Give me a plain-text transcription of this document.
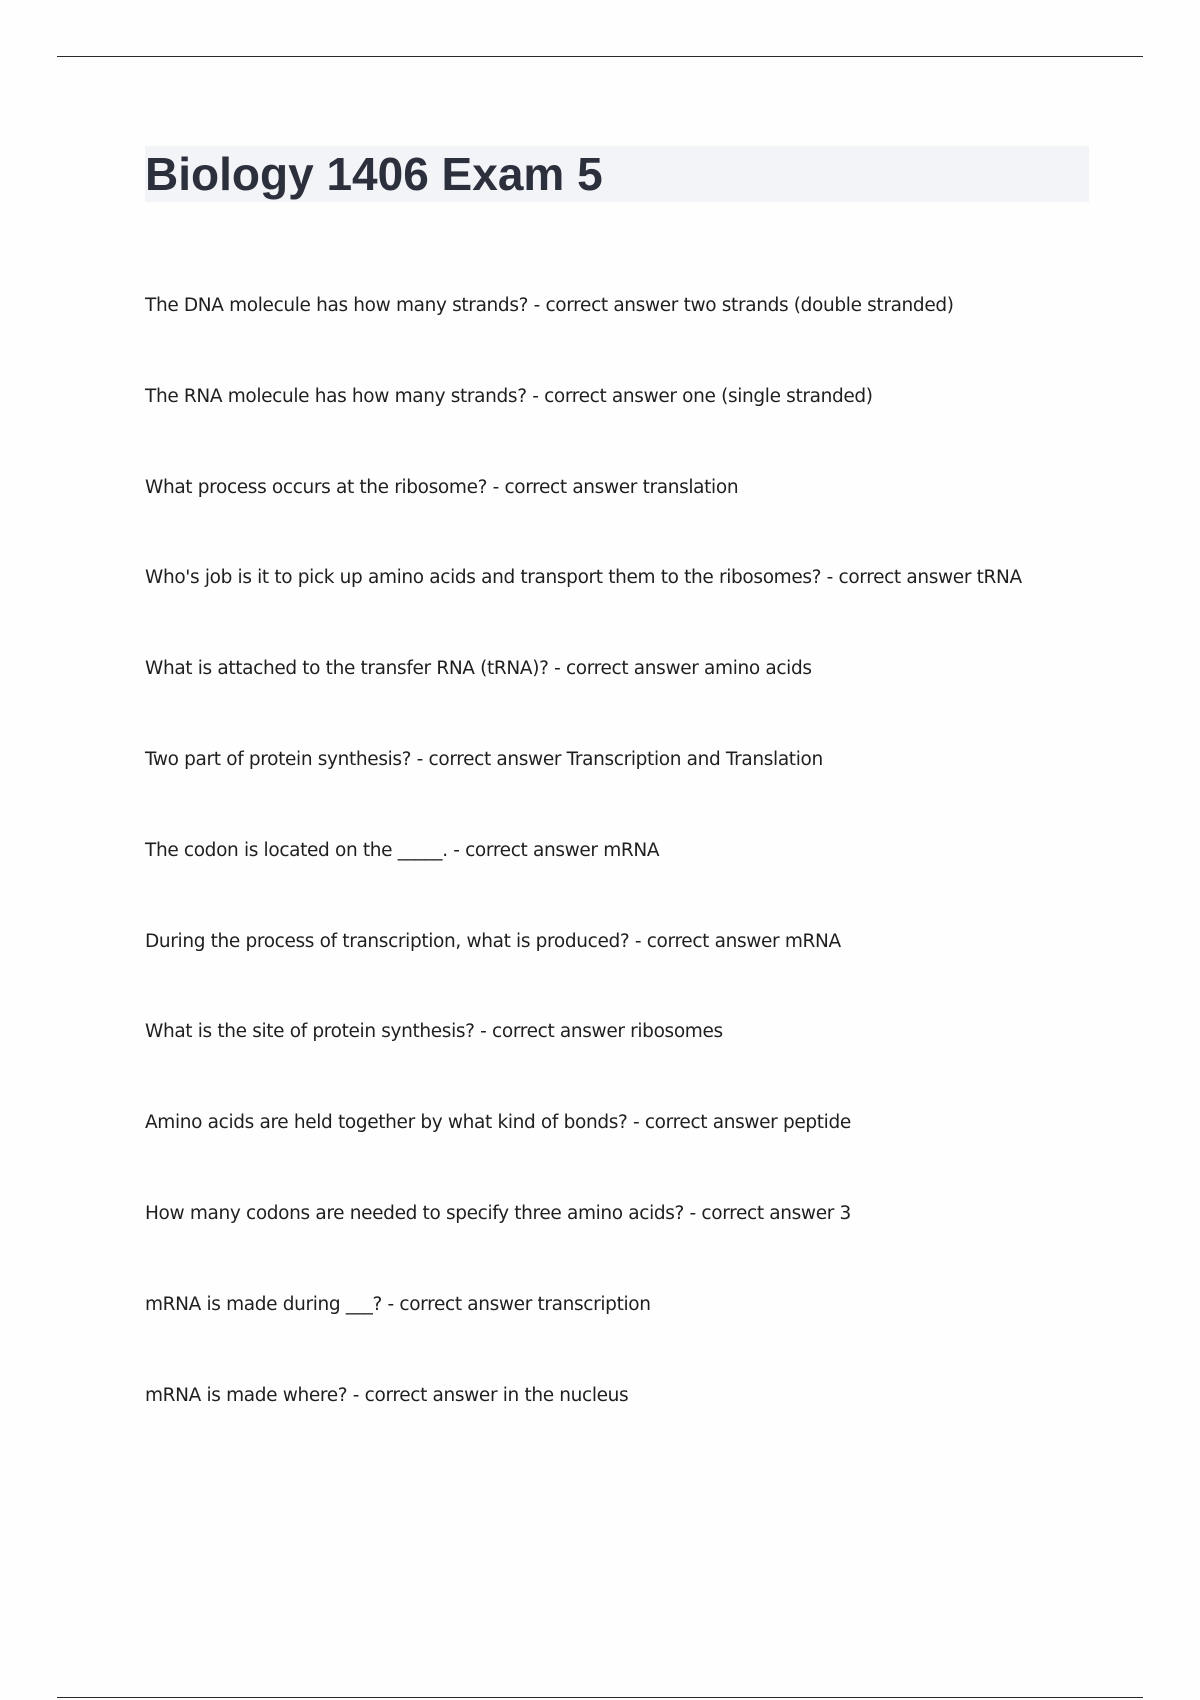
Biology 1406 Exam 5
The DNA molecule has how many strands? - correct answer two strands (double stranded)
The RNA molecule has how many strands? - correct answer one (single stranded)
What process occurs at the ribosome? - correct answer translation
Who's job is it to pick up amino acids and transport them to the ribosomes? - correct answer tRNA
What is attached to the transfer RNA (tRNA)? - correct answer amino acids
Two part of protein synthesis? - correct answer Transcription and Translation
The codon is located on the _____. - correct answer mRNA
During the process of transcription, what is produced? - correct answer mRNA
What is the site of protein synthesis? - correct answer ribosomes
Amino acids are held together by what kind of bonds? - correct answer peptide
How many codons are needed to specify three amino acids? - correct answer 3
mRNA is made during ___? - correct answer transcription
mRNA is made where? - correct answer in the nucleus
